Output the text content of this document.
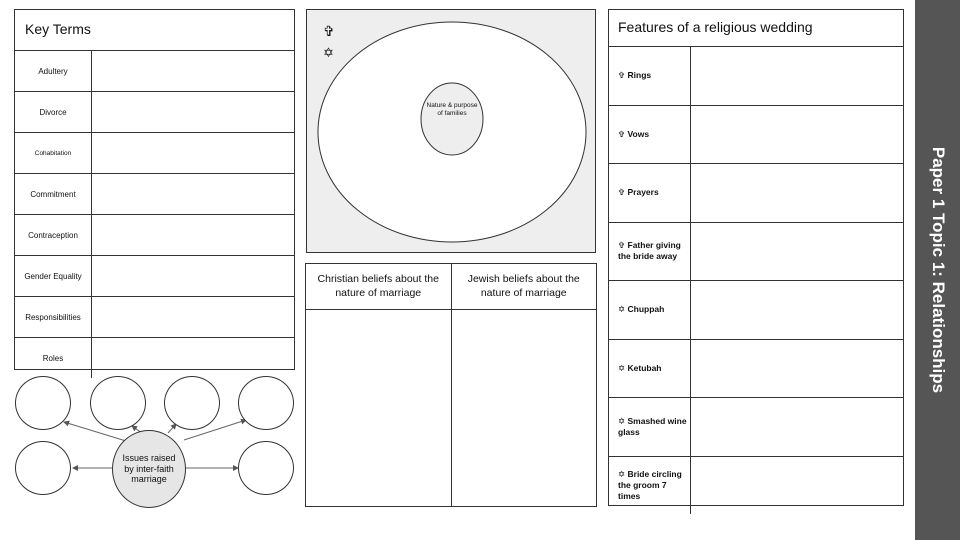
Key Terms
Adultery
Divorce
Cohabitation
Commitment
Contraception
Gender Equality
Responsibilities
Roles
Issues raised by inter-faith marriage
✞
✡
Nature & purpose of families
Christian beliefs about the nature of marriage
Jewish beliefs about the nature of marriage
Features of a religious wedding
✞ Rings
✞ Vows
✞ Prayers
✞ Father giving the bride away
✡ Chuppah
✡ Ketubah
✡ Smashed wine glass
✡ Bride circling the groom 7 times
Paper 1 Topic 1: Relationships
